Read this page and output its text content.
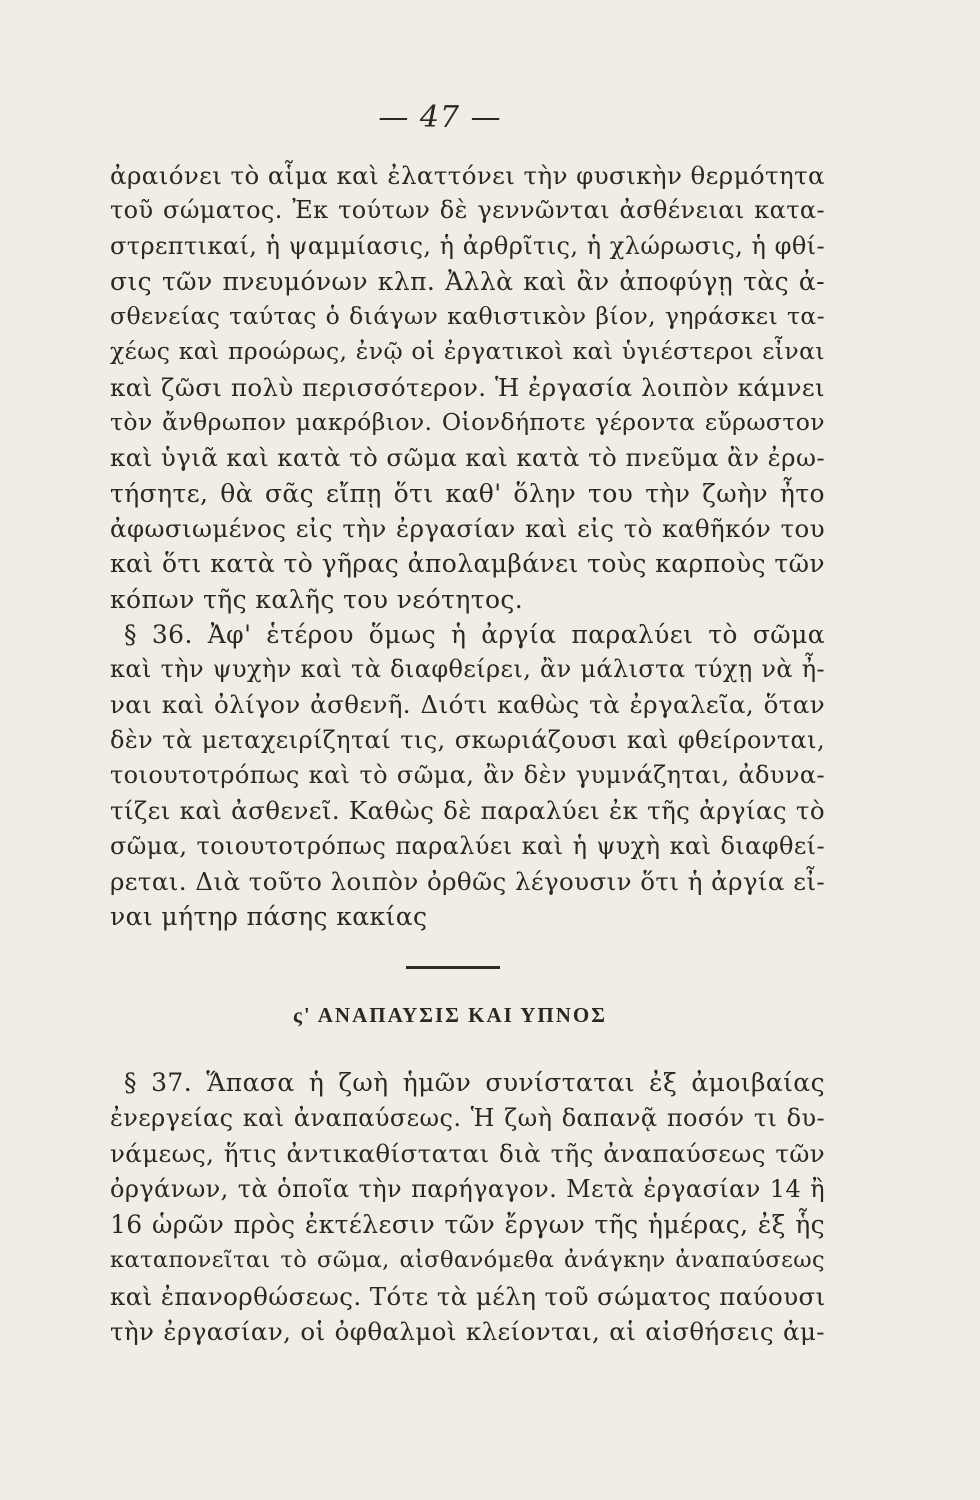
— 47 —
ἀραιόνει τὸ αἷμα καὶ ἐλαττόνει τὴν φυσικὴν θερμότητα
τοῦ σώματος. Ἐκ τούτων δὲ γεννῶνται ἀσθένειαι κατα-
στρεπτικαί, ἡ ψαμμίασις, ἡ ἀρθρῖτις, ἡ χλώρωσις, ἡ φθί-
σις τῶν πνευμόνων κλπ. Ἀλλὰ καὶ ἂν ἀποφύγῃ τὰς ἀ-
σθενείας ταύτας ὁ διάγων καθιστικὸν βίον, γηράσκει τα-
χέως καὶ προώρως, ἐνῷ οἱ ἐργατικοὶ καὶ ὑγιέστεροι εἶναι
καὶ ζῶσι πολὺ περισσότερον. Ἡ ἐργασία λοιπὸν κάμνει
τὸν ἄνθρωπον μακρόβιον. Οἱονδήποτε γέροντα εὔρωστον
καὶ ὑγιᾶ καὶ κατὰ τὸ σῶμα καὶ κατὰ τὸ πνεῦμα ἂν ἐρω-
τήσητε, θὰ σᾶς εἴπῃ ὅτι καθ' ὅλην του τὴν ζωὴν ἦτο
ἀφωσιωμένος εἰς τὴν ἐργασίαν καὶ εἰς τὸ καθῆκόν του
καὶ ὅτι κατὰ τὸ γῆρας ἀπολαμβάνει τοὺς καρποὺς τῶν
κόπων τῆς καλῆς του νεότητος.
§ 36. Ἀφ' ἑτέρου ὅμως ἡ ἀργία παραλύει τὸ σῶμα
καὶ τὴν ψυχὴν καὶ τὰ διαφθείρει, ἂν μάλιστα τύχῃ νὰ ἦ-
ναι καὶ ὀλίγον ἀσθενῆ. Διότι καθὼς τὰ ἐργαλεῖα, ὅταν
δὲν τὰ μεταχειρίζηταί τις, σκωριάζουσι καὶ φθείρονται,
τοιουτοτρόπως καὶ τὸ σῶμα, ἂν δὲν γυμνάζηται, ἀδυνα-
τίζει καὶ ἀσθενεῖ. Καθὼς δὲ παραλύει ἐκ τῆς ἀργίας τὸ
σῶμα, τοιουτοτρόπως παραλύει καὶ ἡ ψυχὴ καὶ διαφθεί-
ρεται. Διὰ τοῦτο λοιπὸν ὀρθῶς λέγουσιν ὅτι ἡ ἀργία εἶ-
ναι μήτηρ πάσης κακίας
ς' ΑΝΑΠΑΥΣΙΣ ΚΑΙ ΥΠΝΟΣ
§ 37. Ἅπασα ἡ ζωὴ ἡμῶν συνίσταται ἐξ ἀμοιβαίας
ἐνεργείας καὶ ἀναπαύσεως. Ἡ ζωὴ δαπανᾷ ποσόν τι δυ-
νάμεως, ἥτις ἀντικαθίσταται διὰ τῆς ἀναπαύσεως τῶν
ὀργάνων, τὰ ὁποῖα τὴν παρήγαγον. Μετὰ ἐργασίαν 14 ἢ
16 ὡρῶν πρὸς ἐκτέλεσιν τῶν ἔργων τῆς ἡμέρας, ἐξ ἧς
καταπονεῖται τὸ σῶμα, αἰσθανόμεθα ἀνάγκην ἀναπαύσεως
καὶ ἐπανορθώσεως. Τότε τὰ μέλη τοῦ σώματος παύουσι
τὴν ἐργασίαν, οἱ ὀφθαλμοὶ κλείονται, αἱ αἰσθήσεις ἀμ-
